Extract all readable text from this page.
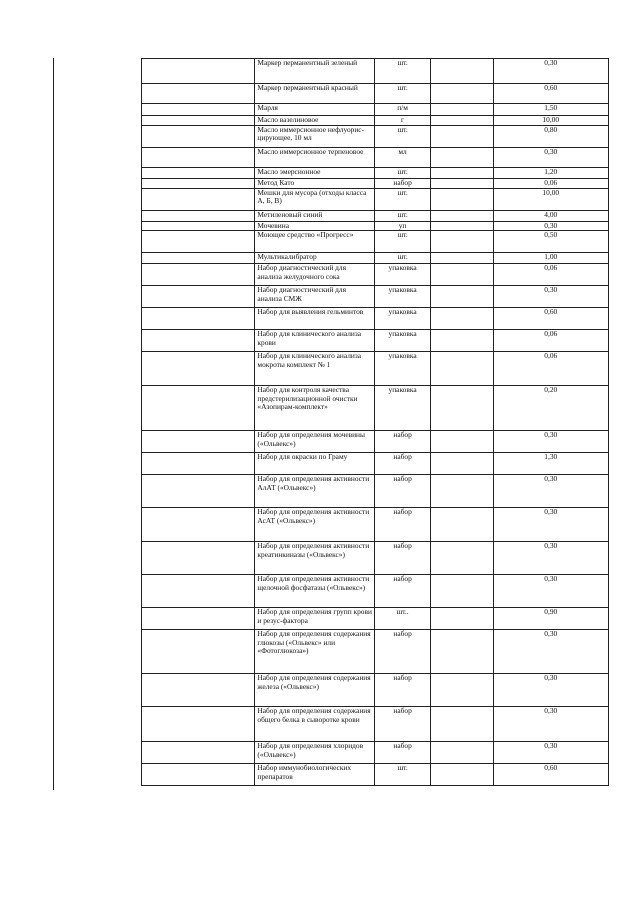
	Маркер перманентный зеленый	шт.		0,30
	Маркер перманентный красный	шт.		0,60
	Марля	п/м		1,50
	Масло вазелиновое	г		10,00
	Масло иммерсионное нефлуорис-цирующее, 10 мл	шт.		0,80
	Масло иммерсионное терпеновое	мл		0,30
	Масло эмерсионное	шт.		1,20
	Метод Като	набор		0,06
	Мешки для мусора (отходы класса А, Б, В)	шт.		10,00
	Метиленовый синий	шт.		4,00
	Мочевина	уп		0,30
	Моющее средство «Прогресс»	шт.		0,50
	Мультикалибратор	шт.		1,00
	Набор диагностический для анализа желудочного сока	упаковка		0,06
	Набор диагностический для анализа СМЖ	упаковка		0,30
	Набор для выявления гельминтов	упаковка		0,60
	Набор для клинического анализа крови	упаковка		0,06
	Набор для клинического анализа мокроты комплект № 1	упаковка		0,06
	Набор для контроля качества предстерилизационной очистки «Азопирам-комплект»	упаковка		0,20
	Набор для определения мочевины («Ольвекс»)	набор		0,30
	Набор для окраски по Граму	набор		1,30
	Набор для определения активности АлАТ («Ольвекс»)	набор		0,30
	Набор для определения активности АсАТ («Ольвекс»)	набор		0,30
	Набор для определения активности креатинкиназы («Ольвекс»)	набор		0,30
	Набор для определения активности щелочной фосфатазы («Ольвекс»)	набор		0,30
	Набор для определения групп крови и резус-фактора	шт..		0,90
	Набор для определения содержания глюкозы («Ольвекс» или «Фотоглюкоза»)	набор		0,30
	Набор для определения содержания железа («Ольвекс»)	набор		0,30
	Набор для определения содержания общего белка в сыворотке крови	набор		0,30
	Набор для определения хлоридов («Ольвекс»)	набор		0,30
	Набор иммунобиологических препаратов	шт.		0,60
